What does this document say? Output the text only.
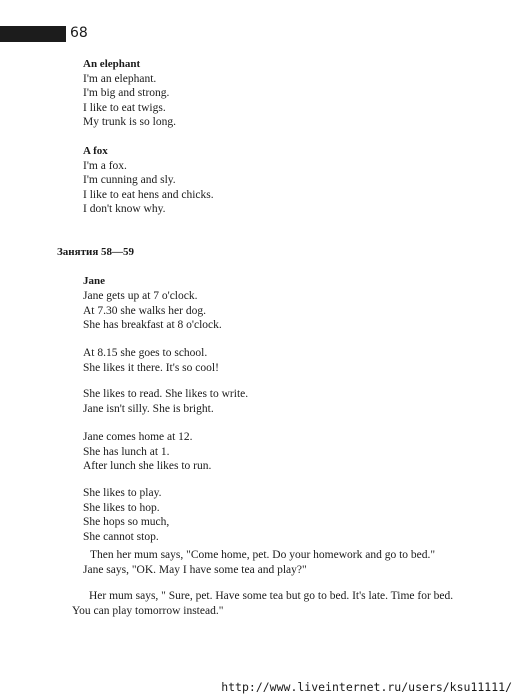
68
An elephant
I'm an elephant.
I'm big and strong.
I like to eat twigs.
My trunk is so long.
A fox
I'm a fox.
I'm cunning and sly.
I like to eat hens and chicks.
I don't know why.
Занятия 58—59
Jane
Jane gets up at 7 o'clock.
At 7.30 she walks her dog.
She has breakfast at 8 o'clock.
At 8.15 she goes to school.
She likes it there. It's so cool!
She likes to read. She likes to write.
Jane isn't silly. She is bright.
Jane comes home at 12.
She has lunch at 1.
After lunch she likes to run.
She likes to play.
She likes to hop.
She hops so much,
She cannot stop.
Then her mum says, "Come home, pet. Do your homework and go to bed."
Jane says, "OK. May I have some tea and play?"
Her mum says, " Sure, pet. Have some tea but go to bed. It's late. Time for bed.
You can play tomorrow instead."
http://www.liveinternet.ru/users/ksu11111/
